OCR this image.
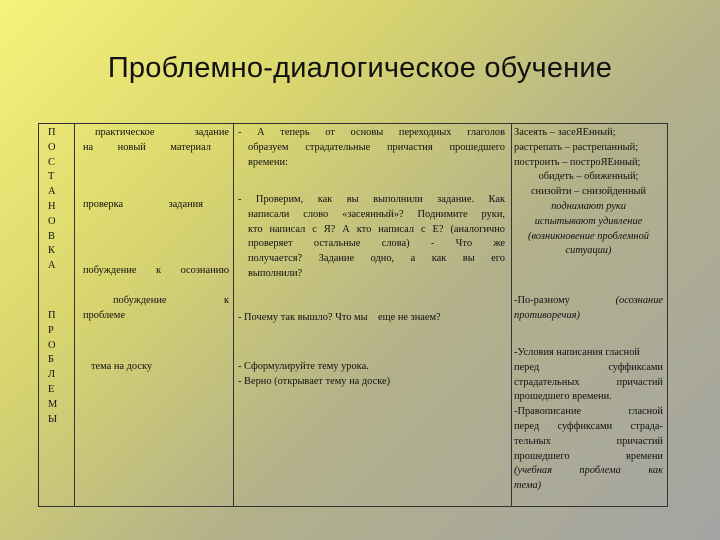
Проблемно-диалогическое обучение
П
О
С
Т
А
Н
О
В
К
А
П
Р
О
Б
Л
Е
М
Ы
практическое задание
на новый материал
проверка задания
побуждение к осознанию
побуждение к
проблеме
тема на доску
- А теперь от основы переходных глаголов
образуем страдательные причастия прошедшего
времени:
- Проверим, как вы выполнили задание. Как
написали слово «засеянный»? Поднимите руки,
кто написал с Я? А кто написал с Е? (аналогично
проверяет остальные слова) - Что же
получается? Задание одно, а как вы его
выполнили?
- Почему так вышло? Что мы еще не знаем?
- Сформулируйте тему урока.
- Верно (открывает тему на доске)
Засеять – засеЯЕнный;
растрепать – растрепанный;
построить – построЯЕнный;
обидеть – обиженный;
снизойти – снизойденный
поднимают руки
испытывают удивление
(возникновение проблемной
ситуации)
-По-разному	(осознание
противоречия)
-Условия написания гласной
перед суффиксами
страдательных причастий
прошедшего времени.
-Правописание гласной
перед суффиксами страда-
тельных причастий
прошедшего времени
(учебная проблема как
тема)
